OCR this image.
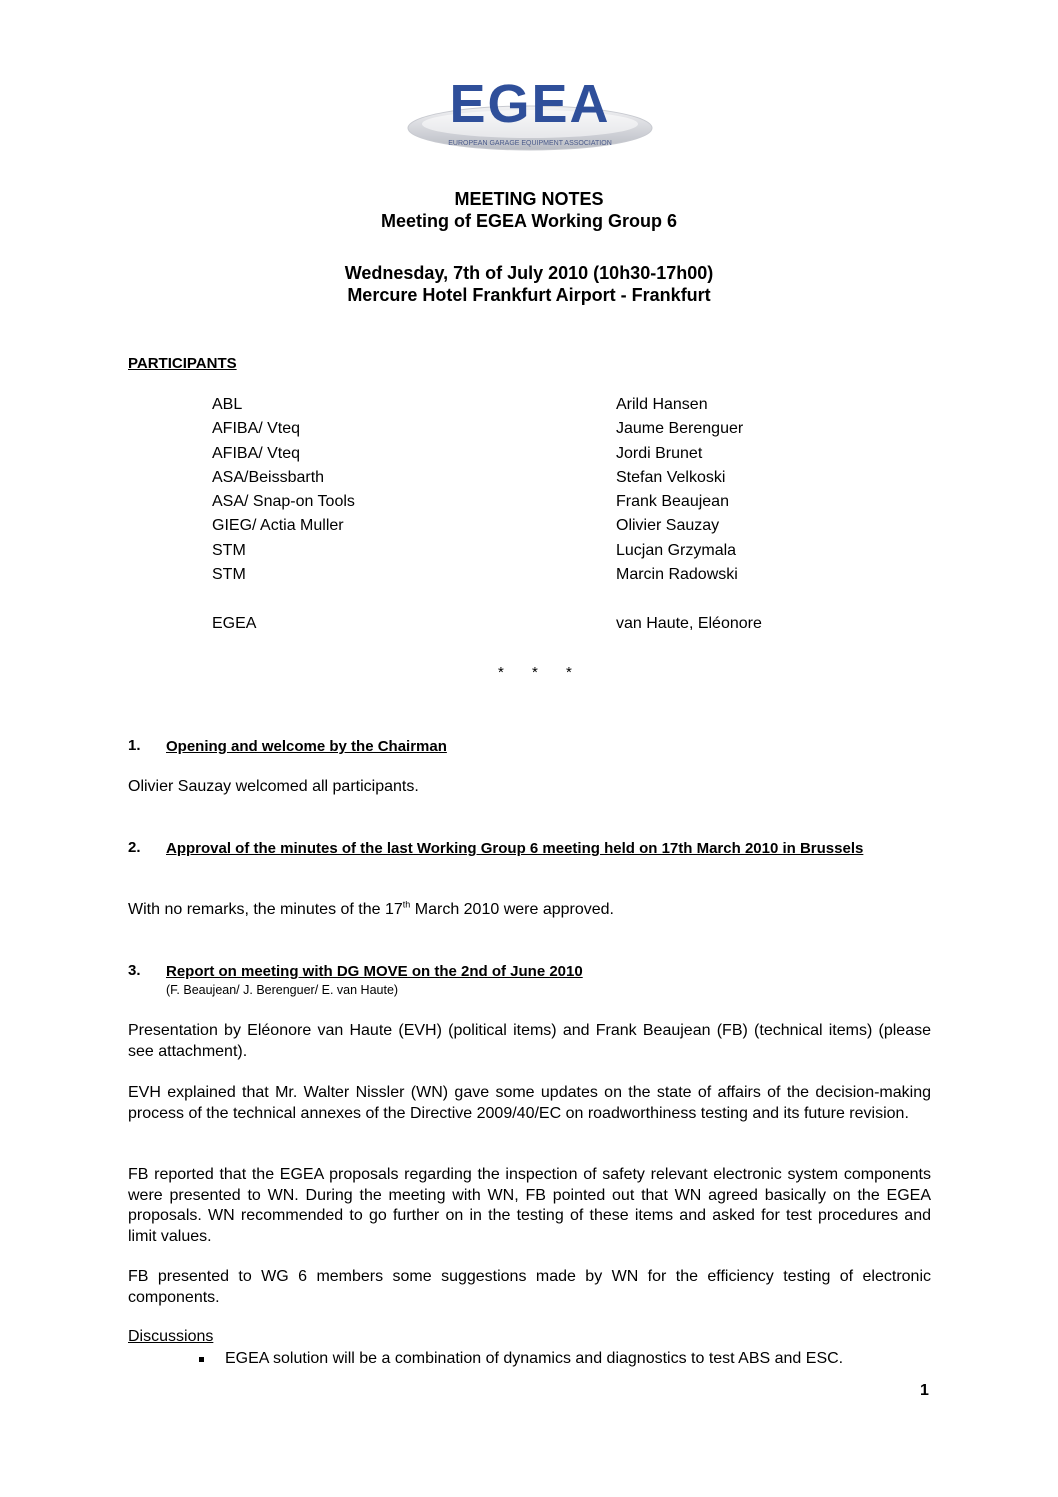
EGEA
EUROPEAN GARAGE EQUIPMENT ASSOCIATION
MEETING NOTES
Meeting of EGEA Working Group 6
Wednesday, 7th of July 2010 (10h30-17h00)
Mercure Hotel Frankfurt Airport - Frankfurt
PARTICIPANTS
ABL	Arild Hansen
AFIBA/ Vteq	Jaume Berenguer
AFIBA/ Vteq	Jordi Brunet
ASA/Beissbarth	Stefan Velkoski
ASA/ Snap-on Tools	Frank Beaujean
GIEG/ Actia Muller	Olivier Sauzay
STM	Lucjan Grzymala
STM	Marcin Radowski
EGEA	van Haute, Eléonore
* * *
1. Opening and welcome by the Chairman
Olivier Sauzay welcomed all participants.
2. Approval of the minutes of the last Working Group 6 meeting held on 17th March 2010 in Brussels
With no remarks, the minutes of the 17th March 2010 were approved.
3. Report on meeting with DG MOVE on the 2nd of June 2010
(F. Beaujean/ J. Berenguer/ E. van Haute)
Presentation by Eléonore van Haute (EVH) (political items) and Frank Beaujean (FB) (technical items) (please see attachment).
EVH explained that Mr. Walter Nissler (WN) gave some updates on the state of affairs of the decision-making process of the technical annexes of the Directive 2009/40/EC on roadworthiness testing and its future revision.
FB reported that the EGEA proposals regarding the inspection of safety relevant electronic system components were presented to WN. During the meeting with WN, FB pointed out that WN agreed basically on the EGEA proposals. WN recommended to go further on in the testing of these items and asked for test procedures and limit values.
FB presented to WG 6 members some suggestions made by WN for the efficiency testing of electronic components.
Discussions
EGEA solution will be a combination of dynamics and diagnostics to test ABS and ESC.
1
